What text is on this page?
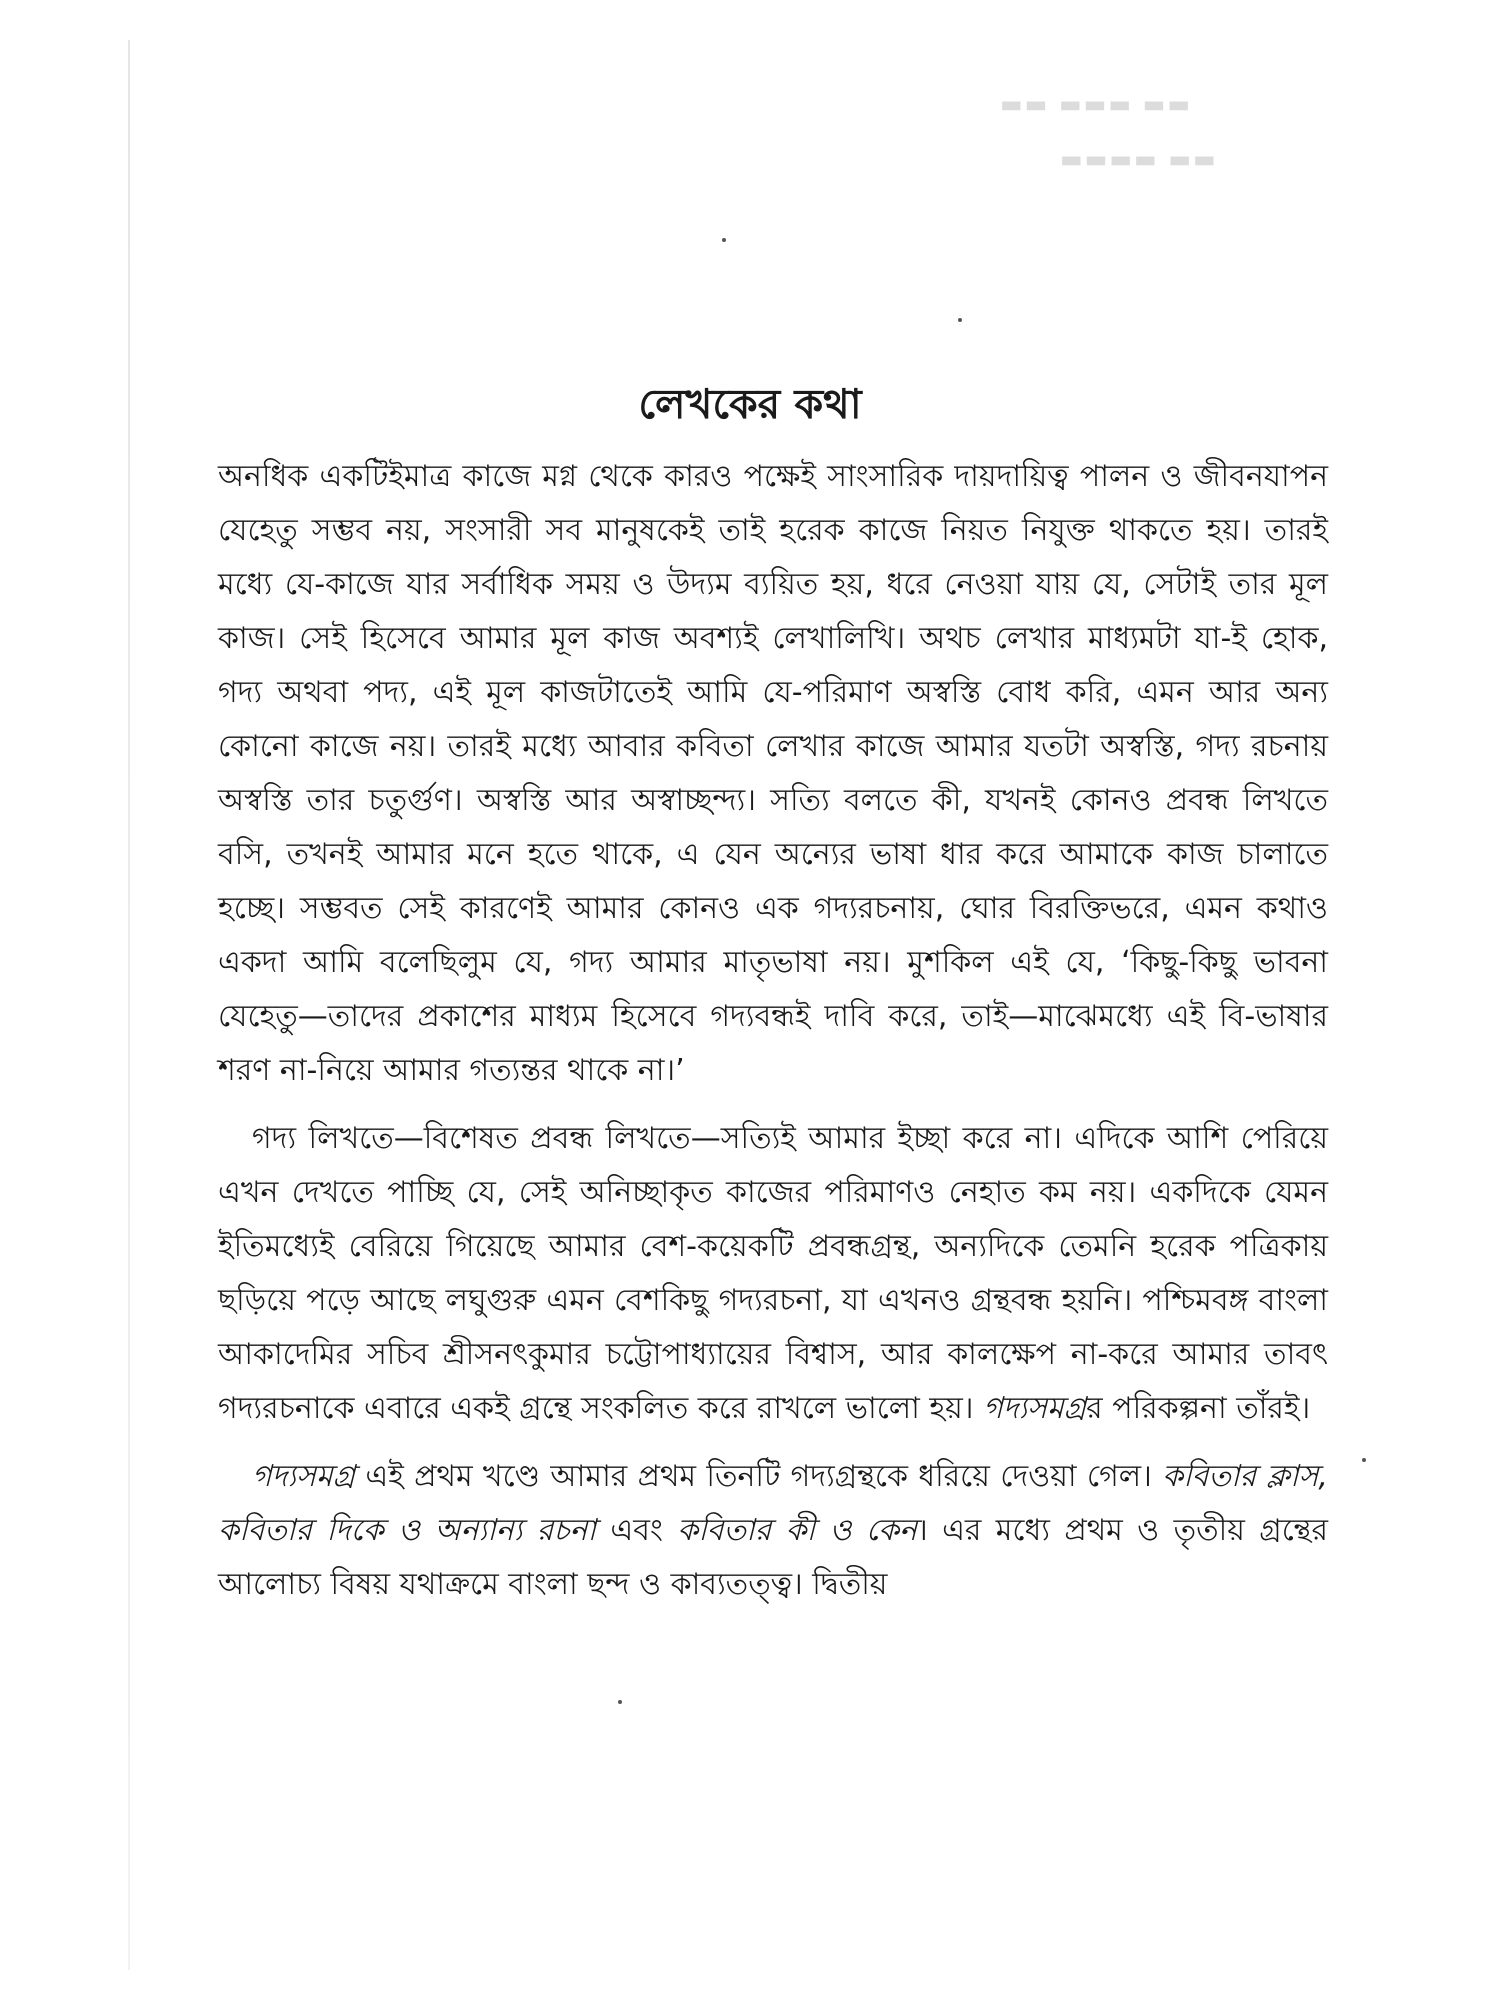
লেখকের কথা

অনধিক একটিইমাত্র কাজে মগ্ন থেকে কারও পক্ষেই সাংসারিক দায়দায়িত্ব পালন ও জীবনযাপন যেহেতু সম্ভব নয়, সংসারী সব মানুষকেই তাই হরেক কাজে নিয়ত নিযুক্ত থাকতে হয়। তারই মধ্যে যে-কাজে যার সর্বাধিক সময় ও উদ্যম ব্যয়িত হয়, ধরে নেওয়া যায় যে, সেটাই তার মূল কাজ। সেই হিসেবে আমার মূল কাজ অবশ্যই লেখালিখি। অথচ লেখার মাধ্যমটা যা-ই হোক, গদ্য অথবা পদ্য, এই মূল কাজটাতেই আমি যে-পরিমাণ অস্বস্তি বোধ করি, এমন আর অন্য কোনো কাজে নয়। তারই মধ্যে আবার কবিতা লেখার কাজে আমার যতটা অস্বস্তি, গদ্য রচনায় অস্বস্তি তার চতুর্গুণ। অস্বস্তি আর অস্বাচ্ছন্দ্য। সত্যি বলতে কী, যখনই কোনও প্রবন্ধ লিখতে বসি, তখনই আমার মনে হতে থাকে, এ যেন অন্যের ভাষা ধার করে আমাকে কাজ চালাতে হচ্ছে। সম্ভবত সেই কারণেই আমার কোনও এক গদ্যরচনায়, ঘোর বিরক্তিভরে, এমন কথাও একদা আমি বলেছিলুম যে, গদ্য আমার মাতৃভাষা নয়। মুশকিল এই যে, ‘কিছু-কিছু ভাবনা যেহেতু—তাদের প্রকাশের মাধ্যম হিসেবে গদ্যবন্ধই দাবি করে, তাই—মাঝেমধ্যে এই বি-ভাষার শরণ না-নিয়ে আমার গত্যন্তর থাকে না।’

গদ্য লিখতে—বিশেষত প্রবন্ধ লিখতে—সত্যিই আমার ইচ্ছা করে না। এদিকে আশি পেরিয়ে এখন দেখতে পাচ্ছি যে, সেই অনিচ্ছাকৃত কাজের পরিমাণও নেহাত কম নয়। একদিকে যেমন ইতিমধ্যেই বেরিয়ে গিয়েছে আমার বেশ-কয়েকটি প্রবন্ধগ্রন্থ, অন্যদিকে তেমনি হরেক পত্রিকায় ছড়িয়ে পড়ে আছে লঘুগুরু এমন বেশকিছু গদ্যরচনা, যা এখনও গ্রন্থবন্ধ হয়নি। পশ্চিমবঙ্গ বাংলা আকাদেমির সচিব শ্রীসনৎকুমার চট্টোপাধ্যায়ের বিশ্বাস, আর কালক্ষেপ না-করে আমার তাবৎ গদ্যরচনাকে এবারে একই গ্রন্থে সংকলিত করে রাখলে ভালো হয়। গদ্যসমগ্রর পরিকল্পনা তাঁরই।

গদ্যসমগ্র এই প্রথম খণ্ডে আমার প্রথম তিনটি গদ্যগ্রন্থকে ধরিয়ে দেওয়া গেল। কবিতার ক্লাস, কবিতার দিকে ও অন্যান্য রচনা এবং কবিতার কী ও কেন। এর মধ্যে প্রথম ও তৃতীয় গ্রন্থের আলোচ্য বিষয় যথাক্রমে বাংলা ছন্দ ও কাব্যতত্ত্ব। দ্বিতীয়

▬▬ ▬▬▬ ▬▬
▬▬▬▬ ▬▬
